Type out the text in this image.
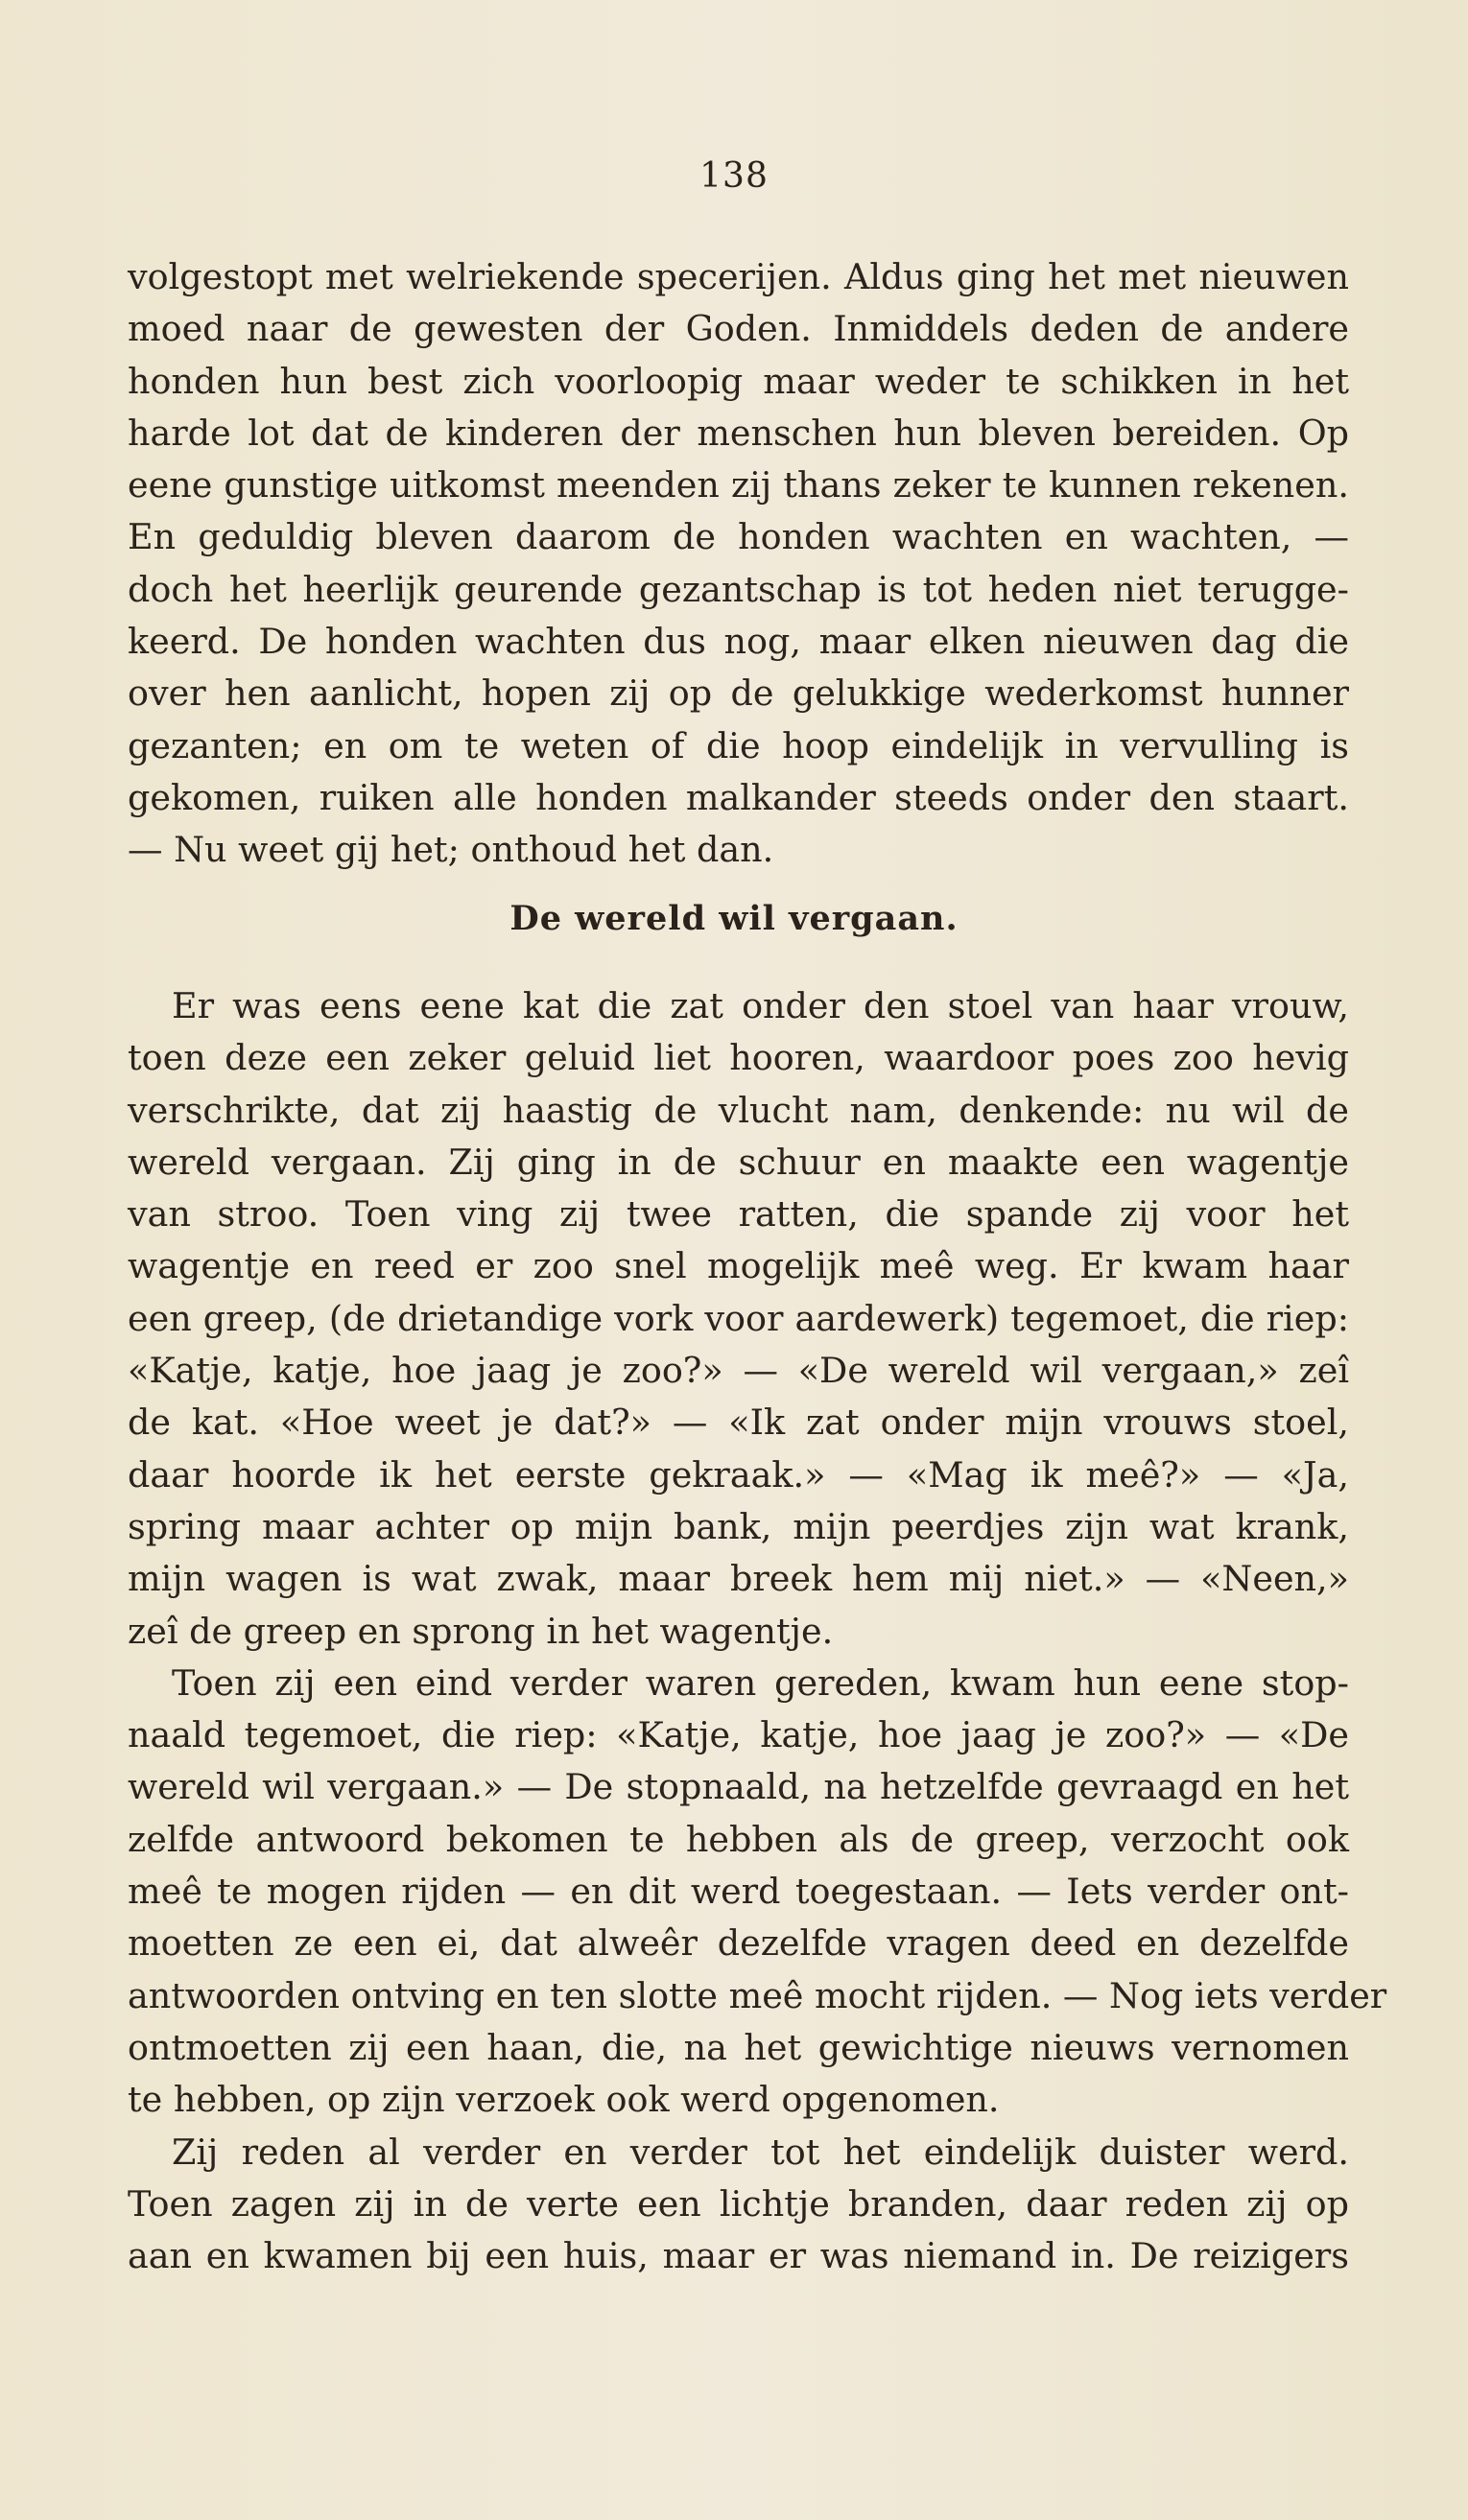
138
volgestopt met welriekende specerijen. Aldus ging het met nieuwen
moed naar de gewesten der Goden. Inmiddels deden de andere
honden hun best zich voorloopig maar weder te schikken in het
harde lot dat de kinderen der menschen hun bleven bereiden. Op
eene gunstige uitkomst meenden zij thans zeker te kunnen rekenen.
En geduldig bleven daarom de honden wachten en wachten, —
doch het heerlijk geurende gezantschap is tot heden niet terugge-
keerd. De honden wachten dus nog, maar elken nieuwen dag die
over hen aanlicht, hopen zij op de gelukkige wederkomst hunner
gezanten; en om te weten of die hoop eindelijk in vervulling is
gekomen, ruiken alle honden malkander steeds onder den staart.
— Nu weet gij het; onthoud het dan.
De wereld wil vergaan.
Er was eens eene kat die zat onder den stoel van haar vrouw,
toen deze een zeker geluid liet hooren, waardoor poes zoo hevig
verschrikte, dat zij haastig de vlucht nam, denkende: nu wil de
wereld vergaan. Zij ging in de schuur en maakte een wagentje
van stroo. Toen ving zij twee ratten, die spande zij voor het
wagentje en reed er zoo snel mogelijk meê weg. Er kwam haar
een greep, (de drietandige vork voor aardewerk) tegemoet, die riep:
«Katje, katje, hoe jaag je zoo?» — «De wereld wil vergaan,» zeî
de kat. «Hoe weet je dat?» — «Ik zat onder mijn vrouws stoel,
daar hoorde ik het eerste gekraak.» — «Mag ik meê?» — «Ja,
spring maar achter op mijn bank, mijn peerdjes zijn wat krank,
mijn wagen is wat zwak, maar breek hem mij niet.» — «Neen,»
zeî de greep en sprong in het wagentje.
Toen zij een eind verder waren gereden, kwam hun eene stop-
naald tegemoet, die riep: «Katje, katje, hoe jaag je zoo?» — «De
wereld wil vergaan.» — De stopnaald, na hetzelfde gevraagd en het
zelfde antwoord bekomen te hebben als de greep, verzocht ook
meê te mogen rijden — en dit werd toegestaan. — Iets verder ont-
moetten ze een ei, dat alweêr dezelfde vragen deed en dezelfde
antwoorden ontving en ten slotte meê mocht rijden. — Nog iets verder
ontmoetten zij een haan, die, na het gewichtige nieuws vernomen
te hebben, op zijn verzoek ook werd opgenomen.
Zij reden al verder en verder tot het eindelijk duister werd.
Toen zagen zij in de verte een lichtje branden, daar reden zij op
aan en kwamen bij een huis, maar er was niemand in. De reizigers
